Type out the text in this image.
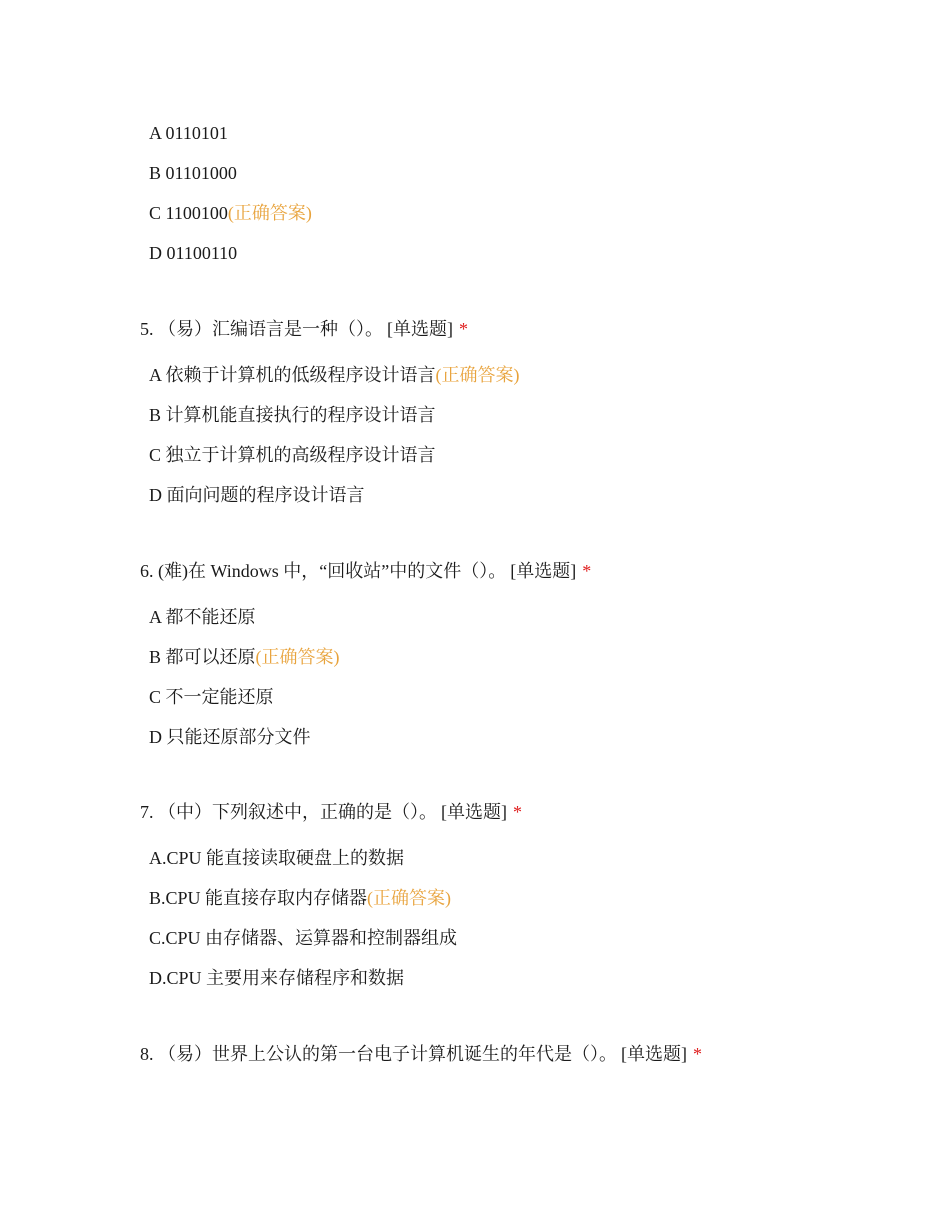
A 0110101
B 01101000
C 1100100(正确答案)
D 01100110
5. （易）汇编语言是一种（）。 [单选题] *
A 依赖于计算机的低级程序设计语言(正确答案)
B 计算机能直接执行的程序设计语言
C 独立于计算机的高级程序设计语言
D 面向问题的程序设计语言
6. (难)在 Windows 中，“回收站”中的文件（）。 [单选题] *
A 都不能还原
B 都可以还原(正确答案)
C 不一定能还原
D 只能还原部分文件
7. （中）下列叙述中，正确的是（）。 [单选题] *
A.CPU 能直接读取硬盘上的数据
B.CPU 能直接存取内存储器(正确答案)
C.CPU 由存储器、运算器和控制器组成
D.CPU 主要用来存储程序和数据
8. （易）世界上公认的第一台电子计算机诞生的年代是（）。 [单选题] *
